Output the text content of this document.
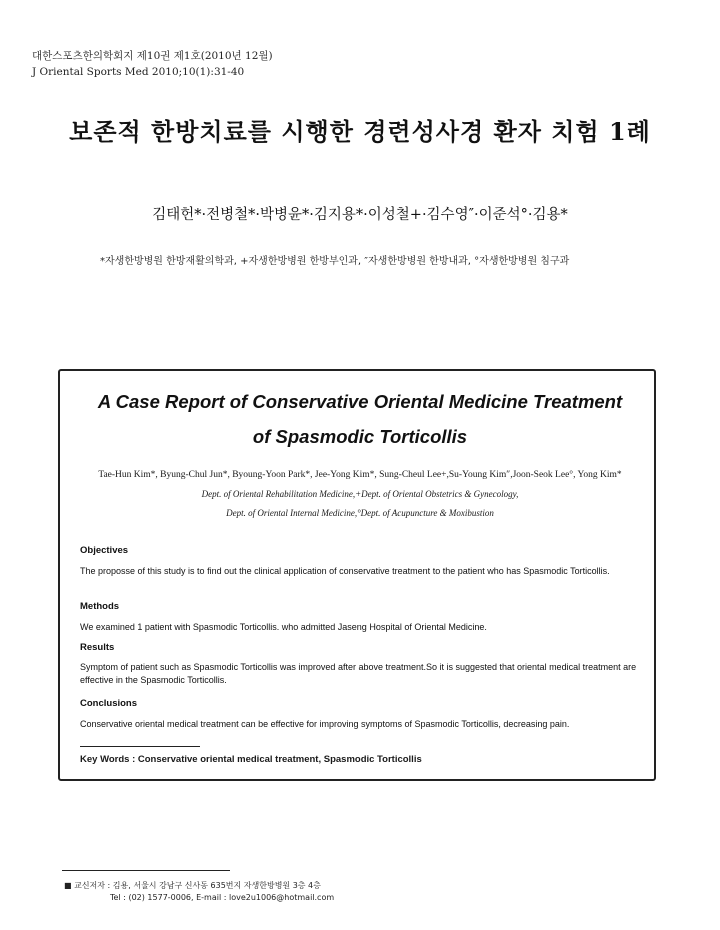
대한스포츠한의학회지 제10권 제1호(2010년 12월)
J Oriental Sports Med 2010;10(1):31-40
보존적 한방치료를 시행한 경련성사경 환자 치험 1례
김태헌*·전병철*·박병윤*·김지용*·이성철+·김수영″·이준석°·김용*
*자생한방병원 한방재활의학과, +자생한방병원 한방부인과, ″자생한방병원 한방내과, °자생한방병원 침구과
A Case Report of Conservative Oriental Medicine Treatment
of Spasmodic Torticollis
Tae-Hun Kim*, Byung-Chul Jun*, Byoung-Yoon Park*, Jee-Yong Kim*, Sung-Cheul Lee+,Su-Young Kim″,Joon-Seok Lee°, Yong Kim*
Dept. of Oriental Rehabilitation Medicine,+Dept. of Oriental Obstetrics & Gynecology,
Dept. of Oriental Internal Medicine,°Dept. of Acupuncture & Moxibustion
Objectives
The proposse of this study is to find out the clinical application of conservative treatment to the patient who has Spasmodic Torticollis.
Methods
We examined 1 patient with Spasmodic Torticollis. who admitted Jaseng Hospital of Oriental Medicine.
Results
Symptom of patient such as Spasmodic Torticollis was improved after above treatment.So it is suggested that oriental medical treatment are effective in the Spasmodic Torticollis.
Conclusions
Conservative oriental medical treatment can be effective for improving symptoms of Spasmodic Torticollis, decreasing pain.
Key Words : Conservative oriental medical treatment, Spasmodic Torticollis
■ 교신저자 : 김용, 서울시 강남구 신사동 635번지 자생한방병원 3층 4층
Tel : (02) 1577-0006, E-mail : love2u1006@hotmail.com
